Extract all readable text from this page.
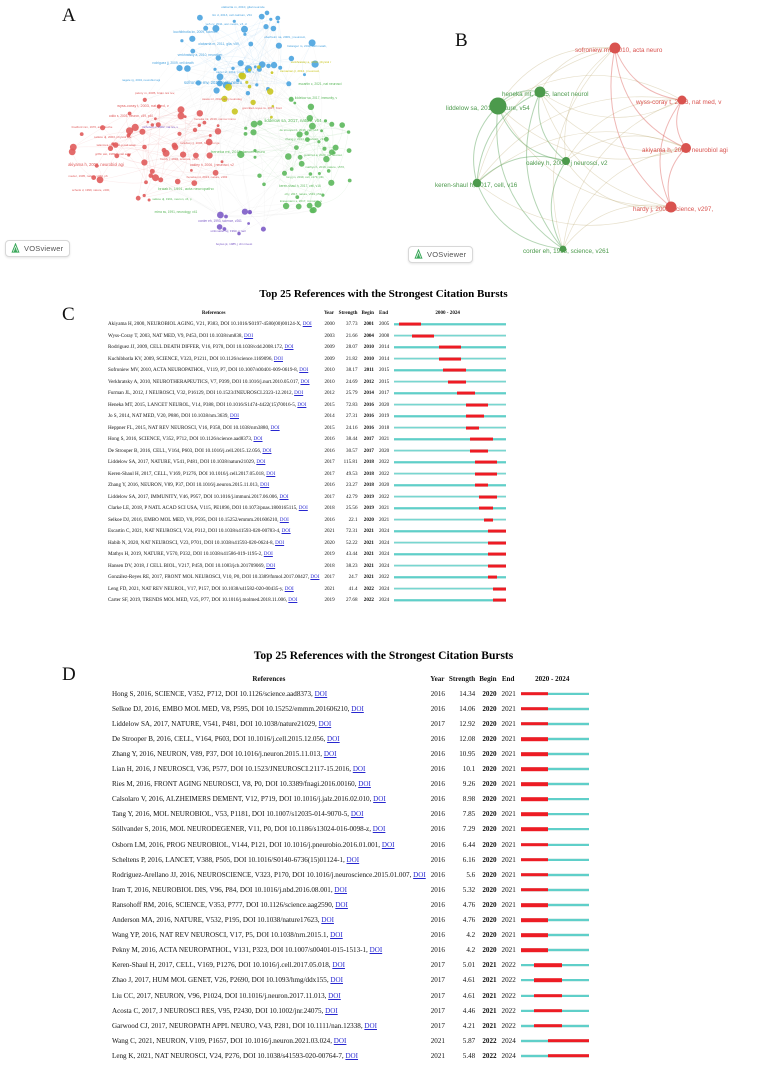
A	olabarria m, 2010, glial neurode
lim d, 2013, cell calcium, v54
yeh cy, 2011, asn neuro, v3, d
kuchibhotla kv, 2009, science,
olabarria m, 2011, glia, v59,
oberheim na, 2009, j neurosci,
bélanger m, 2011, cell metab,
verkhratsky a, 2010, neurother
rodriguez jj, 2009, cell death	verkhratsky a, 2016, physiol r
nagele rg, 2004, neurobiol agi
carter sf, 2012, j nucl med, v	zamanian jl, 2012, j neurosci,
sofroniew mv, 2010, acta neuro	escartin c, 2021, nat neurosci
pekny m, 2005, brain res rev,
liddelow sa, 2017, immunity, v
steele ml, 2012, am j neurodeg
wyss-coray t, 2003, nat med, v	gonzález-reyes re, 2017, front
oddo s, 2003, neuron, v39, p40
heneka mt, 2010, nat rev immu	liddelow sa, 2017, nature, v54
bradford mm, 1976, anal bioche	nicholson c, 2002, nat rev, v
de strooper b, 2016, cell, v16
selkoe dj, 2003, physiol rev,	zhang y, 2014, j neurosci, v34
talantova m, 2013, p natl acad	lansbury jj, 2006, hum mol ge
griffin wst, 1989, p natl acad	heneka mt, 2015, lancet neuro
hardy j, 1992, science, v256,
gutiérrez a, 2020, nat neurosc
akiyama h, 2000, neurobiol agi	oakley h, 2006, j neurosci, v2	mathys h, 2019, nature, v570,
meda l, 1995, nature, v374, p6	heneka mt, 2013, nature, v493	long jm, 2019, cell, v179, p31
keren-shaul h, 2017, cell, v16
schenk d, 1999, nature, v400,	braak h, 1991, acta neuropatho
ofry, 2017, nature, v549, p52
selkoe dj, 1991, neuron, v6, p	krasemann s, 2017, immunity, v
mirra ss, 1991, neurology, v41
corder eh, 1993, science, v261
strittmatter wj, 1993, p natl
boyles jk, 1985, j clin invest
VOSviewer
B	sofroniew mv, 2010, acta neuro
heneka mt, 2015, lancet neurol
wyss-coray t, 2003, nat med, v
liddelow sa, 2017, nature, v54
akiyama h, 2000, neurobiol agi
oakley h, 2006, j neurosci, v2
keren-shaul h, 2017, cell, v16
hardy j, 2002, science, v297,
corder eh, 1993, science, v261
VOSviewer
Top 25 References with the Strongest Citation Bursts
C	References	Year	Strength	Begin	End	2000 - 2024
Akiyama H, 2000, NEUROBIOL AGING, V21, P383, DOI 10.1016/S0197-4580(00)00124-X, DOI	2000	37.73	2001	2005	

Wyss-Coray T, 2003, NAT MED, V9, P453, DOI 10.1038/nm838, DOI	2003	21.66	2004	2008	

Rodriguez JJ, 2009, CELL DEATH DIFFER, V16, P378, DOI 10.1038/cdd.2008.172, DOI	2009	28.07	2010	2014	

Kuchibhotla KV, 2009, SCIENCE, V323, P1211, DOI 10.1126/science.1169096, DOI	2009	21.82	2010	2014	

Sofroniew MV, 2010, ACTA NEUROPATHOL, V119, P7, DOI 10.1007/s00401-009-0619-8, DOI	2010	38.17	2011	2015	

Verkhratsky A, 2010, NEUROTHERAPEUTICS, V7, P399, DOI 10.1016/j.nurt.2010.05.017, DOI	2010	24.69	2012	2015	

Furman JL, 2012, J NEUROSCI, V32, P16129, DOI 10.1523/JNEUROSCI.2323-12.2012, DOI	2012	25.79	2014	2017	

Heneka MT, 2015, LANCET NEUROL, V14, P388, DOI 10.1016/S1474-4422(15)70016-5, DOI	2015	72.83	2016	2020	

Jo S, 2014, NAT MED, V20, P886, DOI 10.1038/nm.3639, DOI	2014	27.31	2016	2019	

Heppner FL, 2015, NAT REV NEUROSCI, V16, P358, DOI 10.1038/nrn3880, DOI	2015	24.16	2016	2018	

Hong S, 2016, SCIENCE, V352, P712, DOI 10.1126/science.aad8373, DOI	2016	38.44	2017	2021	

De Strooper B, 2016, CELL, V164, P603, DOI 10.1016/j.cell.2015.12.056, DOI	2016	30.57	2017	2020	

Liddelow SA, 2017, NATURE, V541, P481, DOI 10.1038/nature21029, DOI	2017	115.81	2018	2022	

Keren-Shaul H, 2017, CELL, V169, P1276, DOI 10.1016/j.cell.2017.05.018, DOI	2017	49.53	2018	2022	

Zhang Y, 2016, NEURON, V89, P37, DOI 10.1016/j.neuron.2015.11.013, DOI	2016	23.27	2018	2020	

Liddelow SA, 2017, IMMUNITY, V46, P957, DOI 10.1016/j.immuni.2017.06.006, DOI	2017	42.79	2019	2022	

Clarke LE, 2018, P NATL ACAD SCI USA, V115, PE1896, DOI 10.1073/pnas.1800165115, DOI	2018	25.56	2019	2021	

Selkoe DJ, 2016, EMBO MOL MED, V8, P595, DOI 10.15252/emmm.201606210, DOI	2016	22.1	2020	2021	

Escartin C, 2021, NAT NEUROSCI, V24, P312, DOI 10.1038/s41593-020-00783-4, DOI	2021	72.31	2021	2024	

Habib N, 2020, NAT NEUROSCI, V23, P701, DOI 10.1038/s41593-020-0624-8, DOI	2020	52.22	2021	2024	

Mathys H, 2019, NATURE, V570, P332, DOI 10.1038/s41586-019-1195-2, DOI	2019	43.44	2021	2024	

Hansen DV, 2018, J CELL BIOL, V217, P459, DOI 10.1083/jcb.201709069, DOI	2018	38.23	2021	2024	

González-Reyes RE, 2017, FRONT MOL NEUROSCI, V10, P0, DOI 10.3389/fnmol.2017.00427, DOI	2017	24.7	2021	2022	

Leng FD, 2021, NAT REV NEUROL, V17, P157, DOI 10.1038/s41582-020-00435-y, DOI	2021	41.4	2022	2024	

Carter SF, 2019, TRENDS MOL MED, V25, P77, DOI 10.1016/j.molmed.2018.11.006, DOI	2019	27.68	2022	2024	
Top 25 References with the Strongest Citation Bursts
D	References	Year	Strength	Begin	End	2020 - 2024
Hong S, 2016, SCIENCE, V352, P712, DOI 10.1126/science.aad8373, DOI	2016	14.34	2020	2021	

Selkoe DJ, 2016, EMBO MOL MED, V8, P595, DOI 10.15252/emmm.201606210, DOI	2016	14.06	2020	2021	

Liddelow SA, 2017, NATURE, V541, P481, DOI 10.1038/nature21029, DOI	2017	12.92	2020	2021	

De Strooper B, 2016, CELL, V164, P603, DOI 10.1016/j.cell.2015.12.056, DOI	2016	12.08	2020	2021	

Zhang Y, 2016, NEURON, V89, P37, DOI 10.1016/j.neuron.2015.11.013, DOI	2016	10.95	2020	2021	

Lian H, 2016, J NEUROSCI, V36, P577, DOI 10.1523/JNEUROSCI.2117-15.2016, DOI	2016	10.1	2020	2021	

Ries M, 2016, FRONT AGING NEUROSCI, V8, P0, DOI 10.3389/fnagi.2016.00160, DOI	2016	9.26	2020	2021	

Calsolaro V, 2016, ALZHEIMERS DEMENT, V12, P719, DOI 10.1016/j.jalz.2016.02.010, DOI	2016	8.98	2020	2021	

Tang Y, 2016, MOL NEUROBIOL, V53, P1181, DOI 10.1007/s12035-014-9070-5, DOI	2016	7.85	2020	2021	

Söllvander S, 2016, MOL NEURODEGENER, V11, P0, DOI 10.1186/s13024-016-0098-z, DOI	2016	7.29	2020	2021	

Osborn LM, 2016, PROG NEUROBIOL, V144, P121, DOI 10.1016/j.pneurobio.2016.01.001, DOI	2016	6.44	2020	2021	

Scheltens P, 2016, LANCET, V388, P505, DOI 10.1016/S0140-6736(15)01124-1, DOI	2016	6.16	2020	2021	

Rodriguez-Arellano JJ, 2016, NEUROSCIENCE, V323, P170, DOI 10.1016/j.neuroscience.2015.01.007, DOI	2016	5.6	2020	2021	

Iram T, 2016, NEUROBIOL DIS, V96, P84, DOI 10.1016/j.nbd.2016.08.001, DOI	2016	5.32	2020	2021	

Ransohoff RM, 2016, SCIENCE, V353, P777, DOI 10.1126/science.aag2590, DOI	2016	4.76	2020	2021	

Anderson MA, 2016, NATURE, V532, P195, DOI 10.1038/nature17623, DOI	2016	4.76	2020	2021	

Wang YP, 2016, NAT REV NEUROSCI, V17, P5, DOI 10.1038/nrn.2015.1, DOI	2016	4.2	2020	2021	

Pekny M, 2016, ACTA NEUROPATHOL, V131, P323, DOI 10.1007/s00401-015-1513-1, DOI	2016	4.2	2020	2021	

Keren-Shaul H, 2017, CELL, V169, P1276, DOI 10.1016/j.cell.2017.05.018, DOI	2017	5.01	2021	2022	

Zhao J, 2017, HUM MOL GENET, V26, P2690, DOI 10.1093/hmg/ddx155, DOI	2017	4.61	2021	2022	

Liu CC, 2017, NEURON, V96, P1024, DOI 10.1016/j.neuron.2017.11.013, DOI	2017	4.61	2021	2022	

Acosta C, 2017, J NEUROSCI RES, V95, P2430, DOI 10.1002/jnr.24075, DOI	2017	4.46	2021	2022	

Garwood CJ, 2017, NEUROPATH APPL NEURO, V43, P281, DOI 10.1111/nan.12338, DOI	2017	4.21	2021	2022	

Wang C, 2021, NEURON, V109, P1657, DOI 10.1016/j.neuron.2021.03.024, DOI	2021	5.87	2022	2024	

Leng K, 2021, NAT NEUROSCI, V24, P276, DOI 10.1038/s41593-020-00764-7, DOI	2021	5.48	2022	2024	
